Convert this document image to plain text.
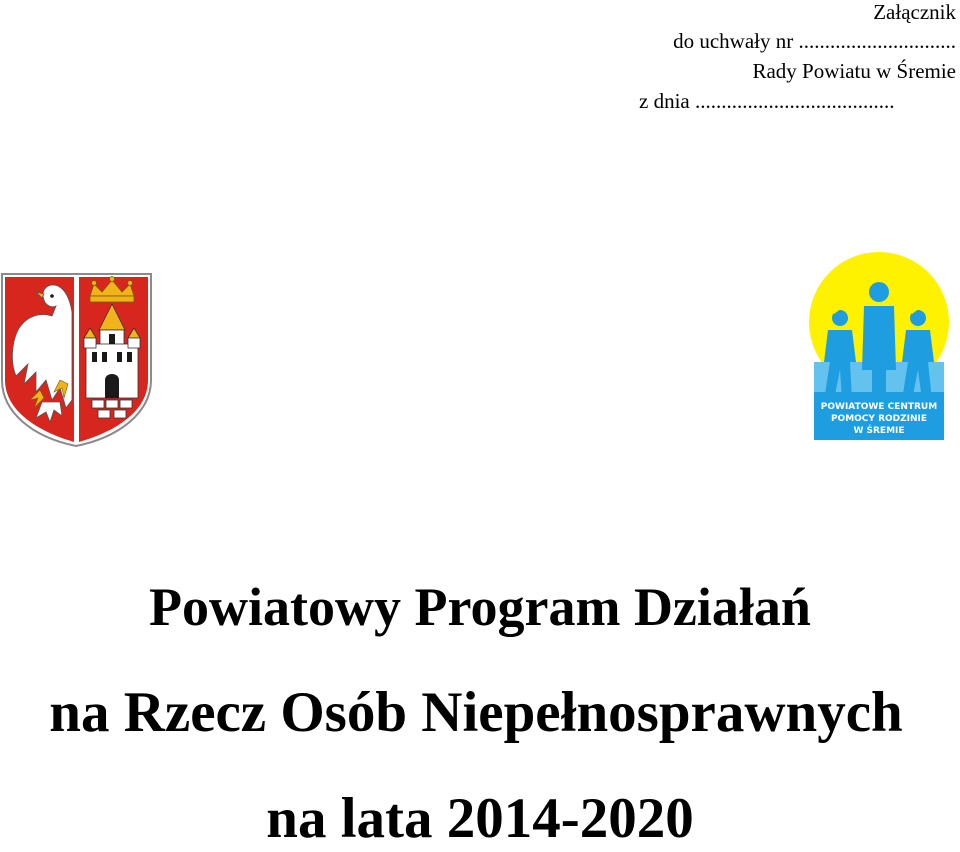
Załącznik
do uchwały nr ..............................
Rady Powiatu w Śremie
z dnia ......................................
POWIATOWE CENTRUM
POMOCY RODZINIE
W ŚREMIE
Powiatowy Program Działań
na Rzecz Osób Niepełnosprawnych
na lata 2014-2020
